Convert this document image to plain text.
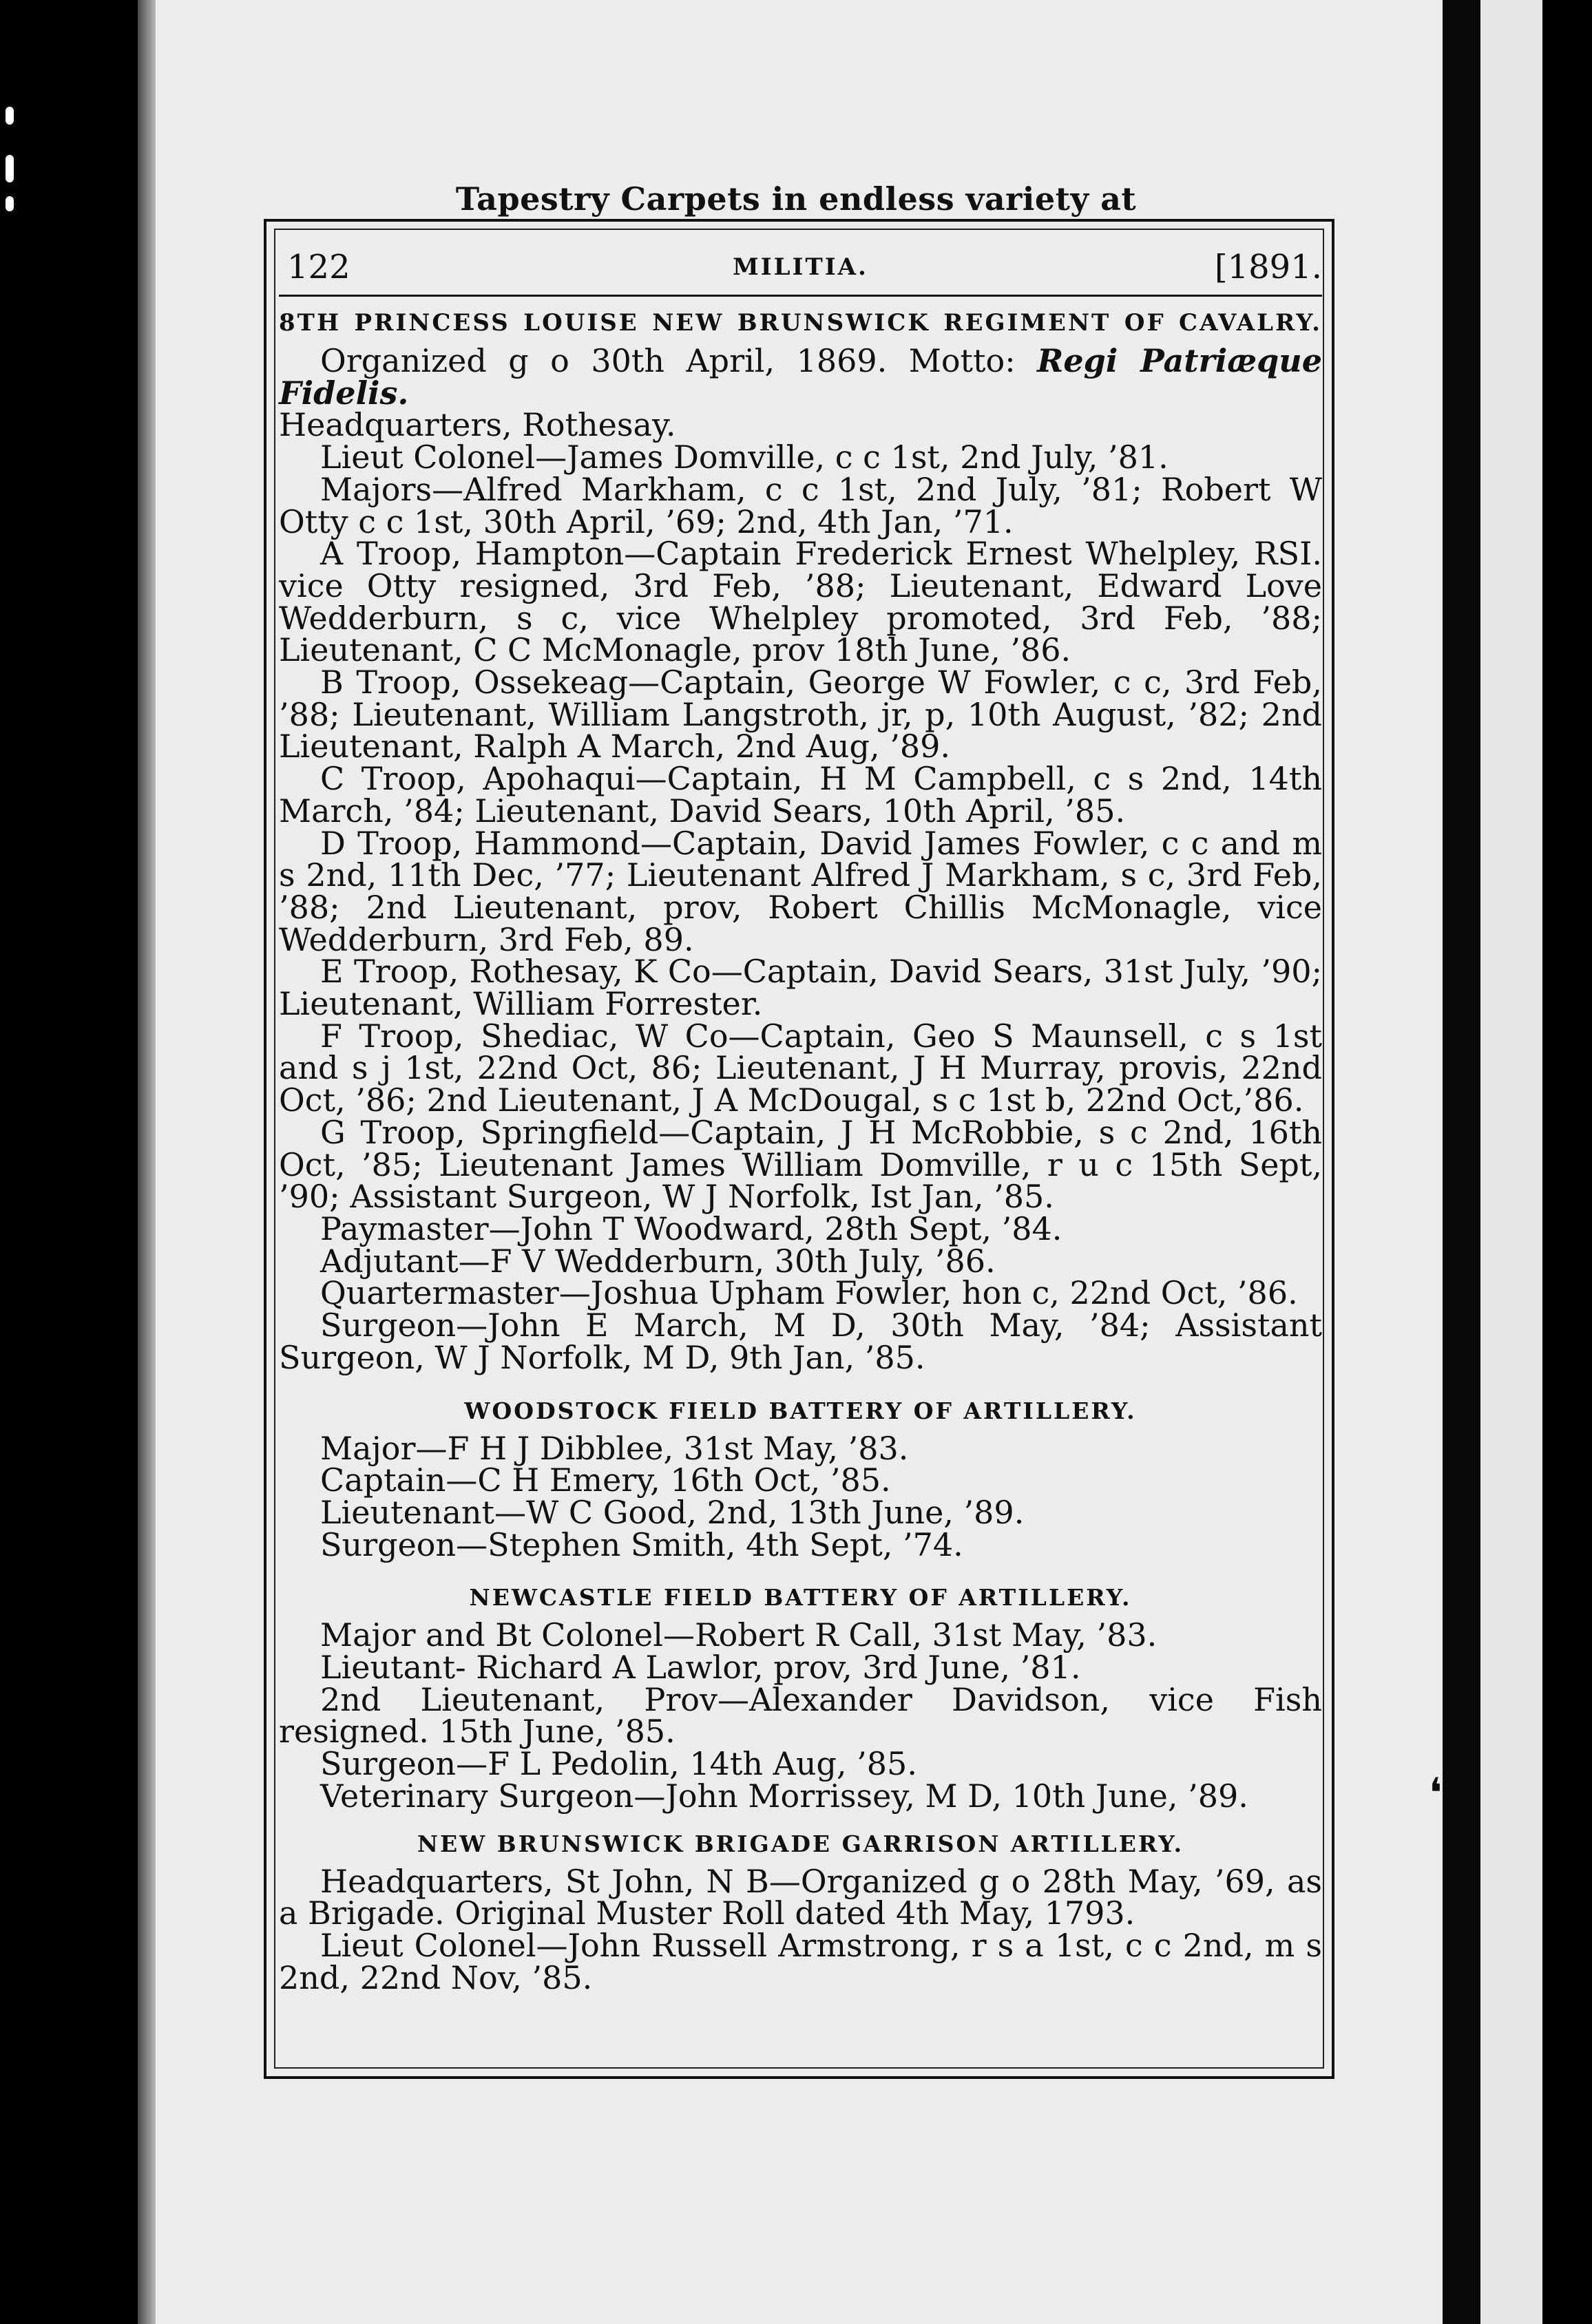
Tapestry Carpets in endless variety at
122	MILITIA.	[1891.
8TH PRINCESS LOUISE NEW BRUNSWICK REGIMENT OF CAVALRY.

Organized g o 30th April, 1869. Motto: Regi Patriæque Fidelis.

Headquarters, Rothesay.

Lieut Colonel—James Domville, c c 1st, 2nd July, ’81.

Majors—Alfred Markham, c c 1st, 2nd July, ’81; Robert W Otty c c 1st, 30th April, ’69; 2nd, 4th Jan, ’71.

A Troop, Hampton—Captain Frederick Ernest Whelpley, RSI. vice Otty resigned, 3rd Feb, ’88; Lieutenant, Edward Love Wedderburn, s c, vice Whelpley promoted, 3rd Feb, ’88; Lieutenant, C C McMonagle, prov 18th June, ’86.

B Troop, Ossekeag—Captain, George W Fowler, c c, 3rd Feb, ’88; Lieutenant, William Langstroth, jr, p, 10th August, ’82; 2nd Lieutenant, Ralph A March, 2nd Aug, ’89.

C Troop, Apohaqui—Captain, H M Campbell, c s 2nd, 14th March, ’84; Lieutenant, David Sears, 10th April, ’85.

D Troop, Hammond—Captain, David James Fowler, c c and m s 2nd, 11th Dec, ’77; Lieutenant Alfred J Markham, s c, 3rd Feb, ’88; 2nd Lieutenant, prov, Robert Chillis McMonagle, vice Wedderburn, 3rd Feb, 89.

E Troop, Rothesay, K Co—Captain, David Sears, 31st July, ’90; Lieutenant, William Forrester.

F Troop, Shediac, W Co—Captain, Geo S Maunsell, c s 1st and s j 1st, 22nd Oct, 86; Lieutenant, J H Murray, provis, 22nd Oct, ’86; 2nd Lieutenant, J A McDougal, s c 1st b, 22nd Oct,’86.

G Troop, Springfield—Captain, J H McRobbie, s c 2nd, 16th Oct, ’85; Lieutenant James William Domville, r u c 15th Sept, ’90; Assistant Surgeon, W J Norfolk, Ist Jan, ’85.

Paymaster—John T Woodward, 28th Sept, ’84.

Adjutant—F V Wedderburn, 30th July, ’86.

Quartermaster—Joshua Upham Fowler, hon c, 22nd Oct, ’86.

Surgeon—John E March, M D, 30th May, ’84; Assistant Surgeon, W J Norfolk, M D, 9th Jan, ’85.

WOODSTOCK FIELD BATTERY OF ARTILLERY.

Major—F H J Dibblee, 31st May, ’83.

Captain—C H Emery, 16th Oct, ’85.

Lieutenant—W C Good, 2nd, 13th June, ’89.

Surgeon—Stephen Smith, 4th Sept, ’74.

NEWCASTLE FIELD BATTERY OF ARTILLERY.

Major and Bt Colonel—Robert R Call, 31st May, ’83.

Lieutant- Richard A Lawlor, prov, 3rd June, ’81.

2nd Lieutenant, Prov—Alexander Davidson, vice Fish resigned. 15th June, ’85.

Surgeon—F L Pedolin, 14th Aug, ’85.

Veterinary Surgeon—John Morrissey, M D, 10th June, ’89.

NEW BRUNSWICK BRIGADE GARRISON ARTILLERY.

Headquarters, St John, N B—Organized g o 28th May, ’69, as a Brigade. Original Muster Roll dated 4th May, 1793.

Lieut Colonel—John Russell Armstrong, r s a 1st, c c 2nd, m s 2nd, 22nd Nov, ’85.

❛
